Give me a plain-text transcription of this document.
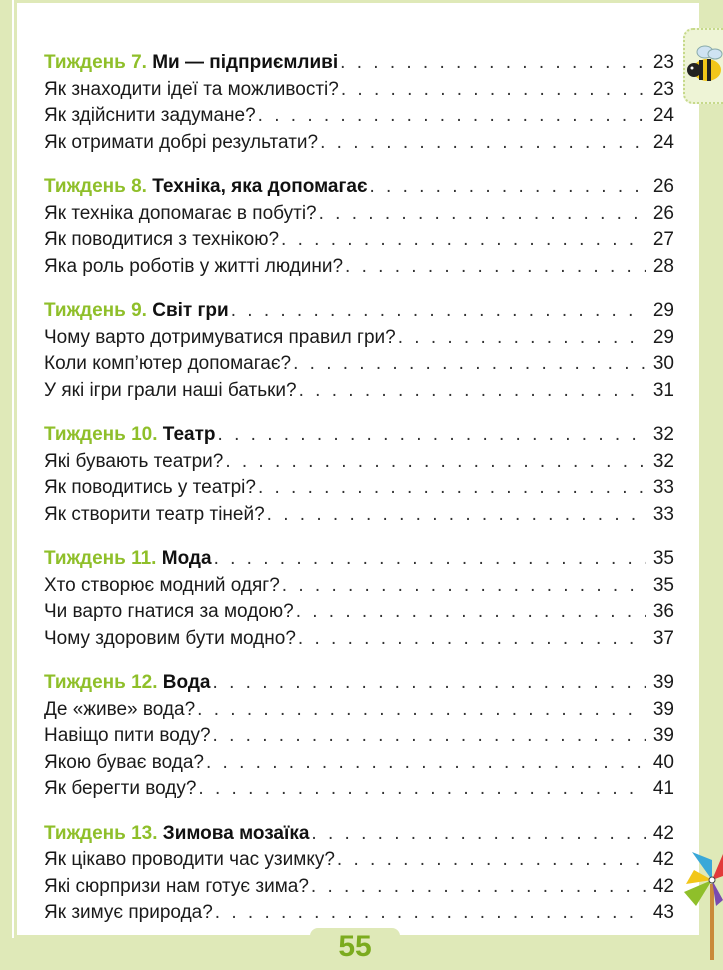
Тиждень 7. Ми — підприємливі . . .	23
Як знаходити ідеї та можливості? . . .	23
Як здійснити задумане? . . .	24
Як отримати добрі результати? . . .	24
Тиждень 8. Техніка, яка допомагає . . .	26
Як техніка допомагає в побуті? . . .	26
Як поводитися з технікою? . . .	27
Яка роль роботів у житті людини? . . .	28
Тиждень 9. Світ гри . . .	29
Чому варто дотримуватися правил гри? . . .	29
Коли комп’ютер допомагає? . . .	30
У які ігри грали наші батьки? . . .	31
Тиждень 10. Театр . . .	32
Які бувають театри? . . .	32
Як поводитись у театрі? . . .	33
Як створити театр тіней? . . .	33
Тиждень 11. Мода . . .	35
Хто створює модний одяг? . . .	35
Чи варто гнатися за модою? . . .	36
Чому здоровим бути модно? . . .	37
Тиждень 12. Вода . . .	39
Де «живе» вода? . . .	39
Навіщо пити воду? . . .	39
Якою буває вода? . . .	40
Як берегти воду? . . .	41
Тиждень 13. Зимова мозаїка . . .	42
Як цікаво проводити час узимку? . . .	42
Які сюрпризи нам готує зима? . . .	42
Як зимує природа? . . .	43
55
